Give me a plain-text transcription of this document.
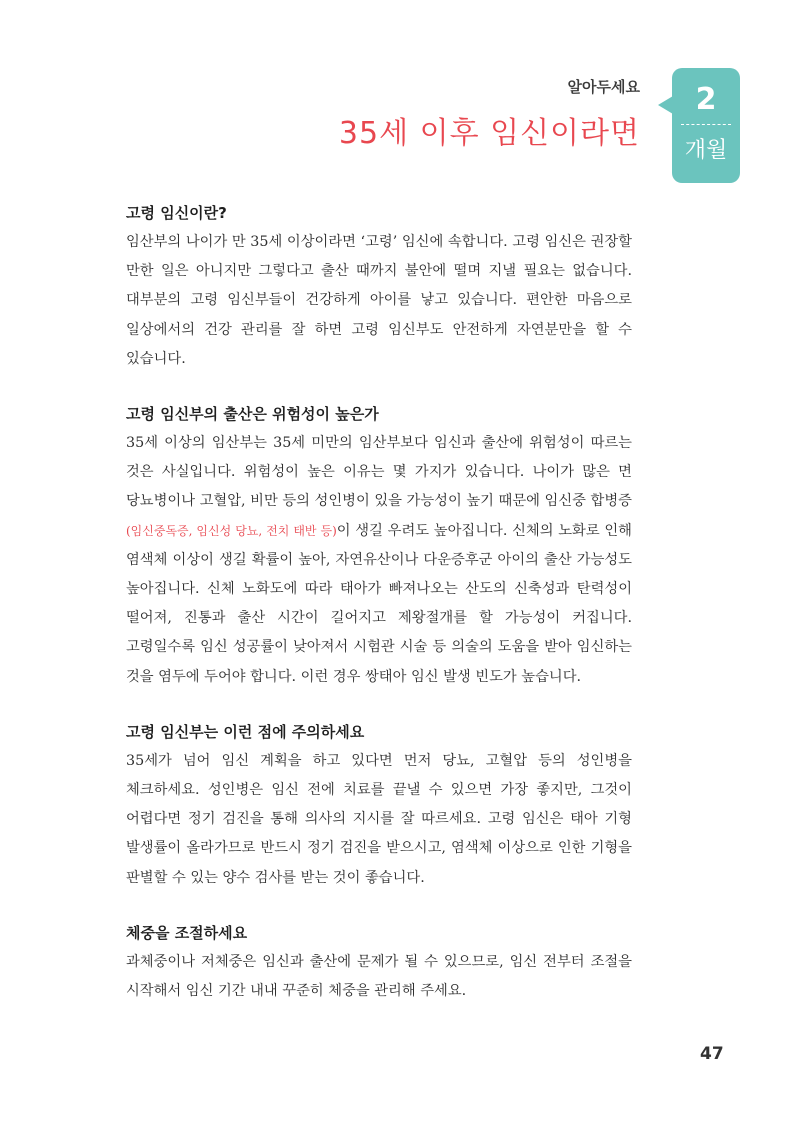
알아두세요
35세 이후 임신이라면
2
개월
고령 임신이란?

임산부의 나이가 만 35세 이상이라면 ‘고령’ 임신에 속합니다. 고령 임신은 권장할 만한 일은 아니지만 그렇다고 출산 때까지 불안에 떨며 지낼 필요는 없습니다. 대부분의 고령 임신부들이 건강하게 아이를 낳고 있습니다. 편안한 마음으로 일상에서의 건강 관리를 잘 하면 고령 임신부도 안전하게 자연분만을 할 수 있습니다.

고령 임신부의 출산은 위험성이 높은가

35세 이상의 임산부는 35세 미만의 임산부보다 임신과 출산에 위험성이 따르는 것은 사실입니다. 위험성이 높은 이유는 몇 가지가 있습니다. 나이가 많은 면 당뇨병이나 고혈압, 비만 등의 성인병이 있을 가능성이 높기 때문에 임신중 합병증(임신중독증, 임신성 당뇨, 전치 태반 등)이 생길 우려도 높아집니다. 신체의 노화로 인해 염색체 이상이 생길 확률이 높아, 자연유산이나 다운증후군 아이의 출산 가능성도 높아집니다. 신체 노화도에 따라 태아가 빠져나오는 산도의 신축성과 탄력성이 떨어져, 진통과 출산 시간이 길어지고 제왕절개를 할 가능성이 커집니다. 고령일수록 임신 성공률이 낮아져서 시험관 시술 등 의술의 도움을 받아 임신하는 것을 염두에 두어야 합니다. 이런 경우 쌍태아 임신 발생 빈도가 높습니다.

고령 임신부는 이런 점에 주의하세요

35세가 넘어 임신 계획을 하고 있다면 먼저 당뇨, 고혈압 등의 성인병을 체크하세요. 성인병은 임신 전에 치료를 끝낼 수 있으면 가장 좋지만, 그것이 어렵다면 정기 검진을 통해 의사의 지시를 잘 따르세요. 고령 임신은 태아 기형 발생률이 올라가므로 반드시 정기 검진을 받으시고, 염색체 이상으로 인한 기형을 판별할 수 있는 양수 검사를 받는 것이 좋습니다.

체중을 조절하세요

과체중이나 저체중은 임신과 출산에 문제가 될 수 있으므로, 임신 전부터 조절을 시작해서 임신 기간 내내 꾸준히 체중을 관리해 주세요.

47
